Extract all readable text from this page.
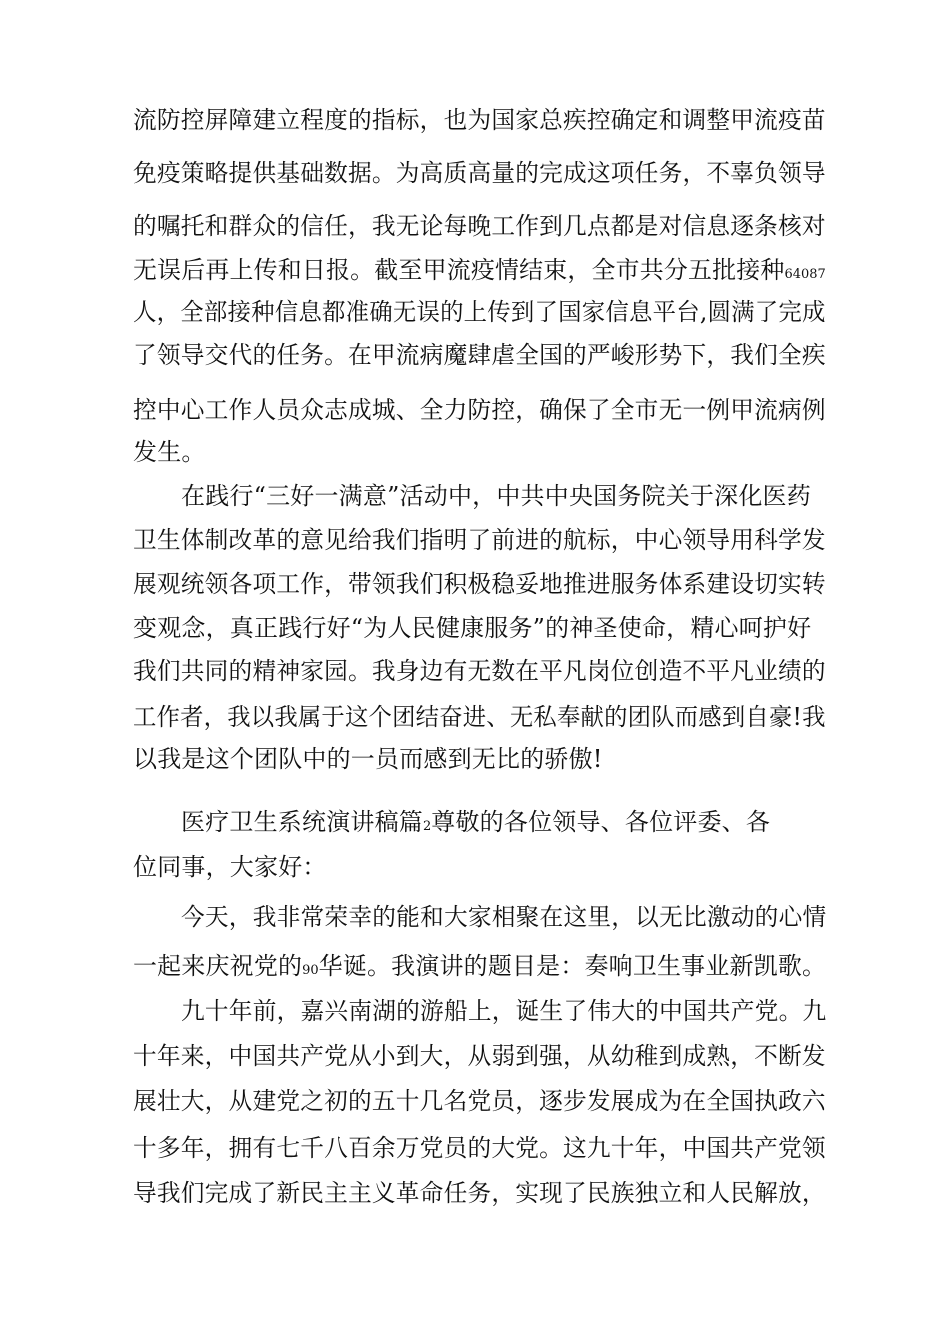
流防控屏障建立程度的指标，也为国家总疾控确定和调整甲流疫苗
免疫策略提供基础数据。为高质高量的完成这项任务，不辜负领导
的嘱托和群众的信任，我无论每晚工作到几点都是对信息逐条核对
无误后再上传和日报。截至甲流疫情结束，全市共分五批接种64087
人，全部接种信息都准确无误的上传到了国家信息平台,圆满了完成
了领导交代的任务。在甲流病魔肆虐全国的严峻形势下，我们全疾
控中心工作人员众志成城、全力防控，确保了全市无一例甲流病例
发生。
在践行“三好一满意”活动中，中共中央国务院关于深化医药
卫生体制改革的意见给我们指明了前进的航标，中心领导用科学发
展观统领各项工作，带领我们积极稳妥地推进服务体系建设切实转
变观念，真正践行好“为人民健康服务”的神圣使命，精心呵护好
我们共同的精神家园。我身边有无数在平凡岗位创造不平凡业绩的
工作者，我以我属于这个团结奋进、无私奉献的团队而感到自豪!我
以我是这个团队中的一员而感到无比的骄傲!
医疗卫生系统演讲稿篇2尊敬的各位领导、各位评委、各
位同事，大家好：
今天，我非常荣幸的能和大家相聚在这里，以无比激动的心情
一起来庆祝党的90华诞。我演讲的题目是：奏响卫生事业新凯歌。
九十年前，嘉兴南湖的游船上，诞生了伟大的中国共产党。九
十年来，中国共产党从小到大，从弱到强，从幼稚到成熟，不断发
展壮大，从建党之初的五十几名党员，逐步发展成为在全国执政六
十多年，拥有七千八百余万党员的大党。这九十年，中国共产党领
导我们完成了新民主主义革命任务，实现了民族独立和人民解放，
